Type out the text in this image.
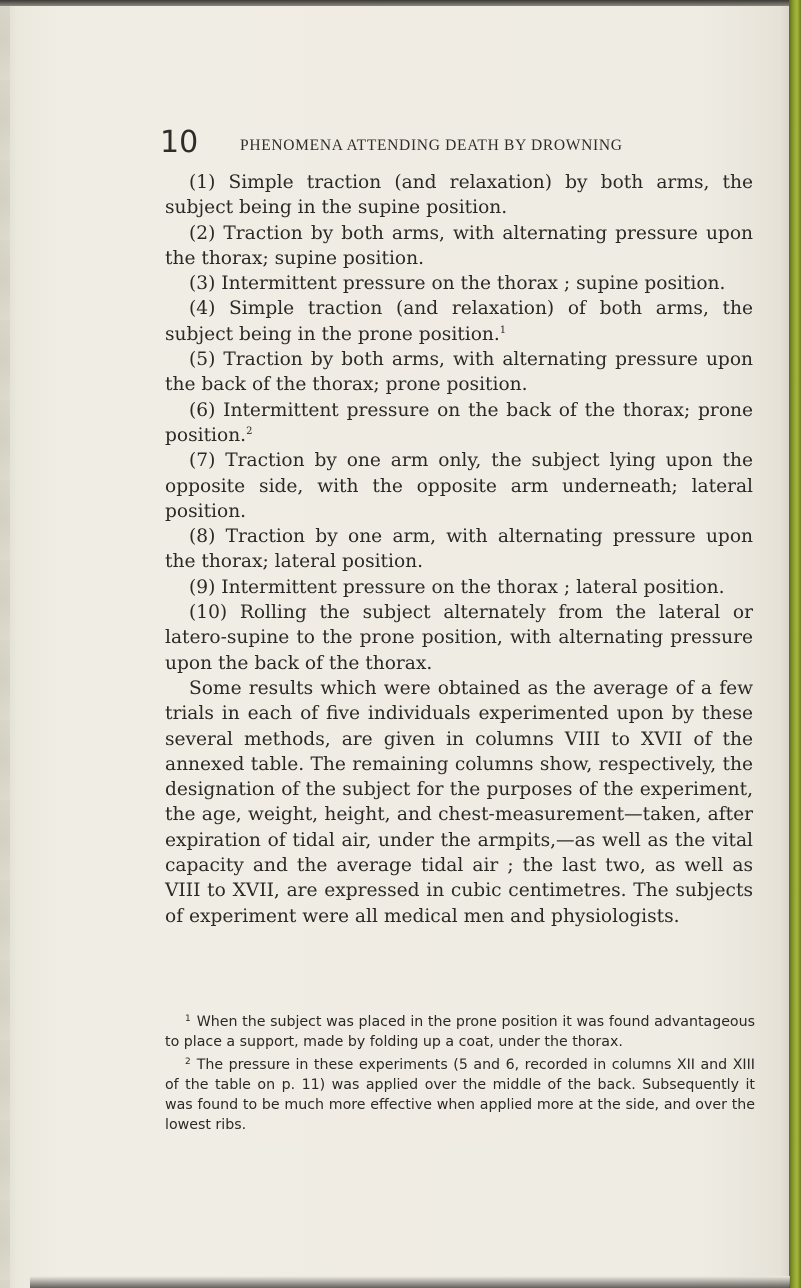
10	PHENOMENA ATTENDING DEATH BY DROWNING

(1) Simple traction (and relaxation) by both arms, the subject being in the supine position.

(2) Traction by both arms, with alternating pressure upon the thorax; supine position.

(3) Intermittent pressure on the thorax ; supine position.

(4) Simple traction (and relaxation) of both arms, the subject being in the prone position.$^1$

(5) Traction by both arms, with alternating pressure upon the back of the thorax; prone position.

(6) Intermittent pressure on the back of the thorax; prone position.$^2$

(7) Traction by one arm only, the subject lying upon the opposite side, with the opposite arm underneath; lateral position.

(8) Traction by one arm, with alternating pressure upon the thorax; lateral position.

(9) Intermittent pressure on the thorax ; lateral position.

(10) Rolling the subject alternately from the lateral or latero-supine to the prone position, with alternating pressure upon the back of the thorax.

Some results which were obtained as the average of a few trials in each of five individuals experimented upon by these several methods, are given in columns VIII to XVII of the annexed table. The remaining columns show, respectively, the designation of the subject for the purposes of the experiment, the age, weight, height, and chest-measurement—taken, after expiration of tidal air, under the armpits,—as well as the vital capacity and the average tidal air ; the last two, as well as VIII to XVII, are expressed in cubic centimetres. The subjects of experiment were all medical men and physiologists.

$^1$ When the subject was placed in the prone position it was found advantageous to place a support, made by folding up a coat, under the thorax.

$^2$ The pressure in these experiments (5 and 6, recorded in columns XII and XIII of the table on p. 11) was applied over the middle of the back. Subsequently it was found to be much more effective when applied more at the side, and over the lowest ribs.
